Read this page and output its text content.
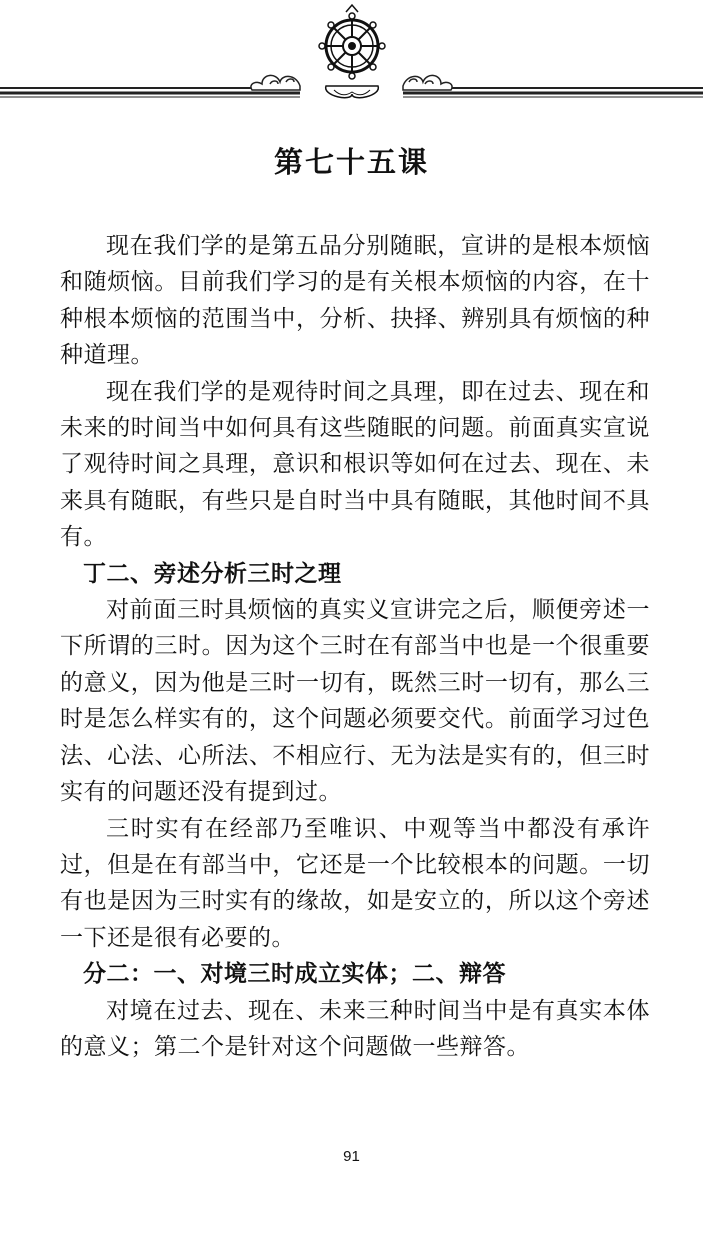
第七十五课

现在我们学的是第五品分别随眠，宣讲的是根本烦恼和随烦恼。目前我们学习的是有关根本烦恼的内容，在十种根本烦恼的范围当中，分析、抉择、辨别具有烦恼的种种道理。

现在我们学的是观待时间之具理，即在过去、现在和未来的时间当中如何具有这些随眠的问题。前面真实宣说了观待时间之具理，意识和根识等如何在过去、现在、未来具有随眠，有些只是自时当中具有随眠，其他时间不具有。

丁二、旁述分析三时之理

对前面三时具烦恼的真实义宣讲完之后，顺便旁述一下所谓的三时。因为这个三时在有部当中也是一个很重要的意义，因为他是三时一切有，既然三时一切有，那么三时是怎么样实有的，这个问题必须要交代。前面学习过色法、心法、心所法、不相应行、无为法是实有的，但三时实有的问题还没有提到过。

三时实有在经部乃至唯识、中观等当中都没有承许过，但是在有部当中，它还是一个比较根本的问题。一切有也是因为三时实有的缘故，如是安立的，所以这个旁述一下还是很有必要的。

分二：一、对境三时成立实体；二、辩答

对境在过去、现在、未来三种时间当中是有真实本体的意义；第二个是针对这个问题做一些辩答。

91
